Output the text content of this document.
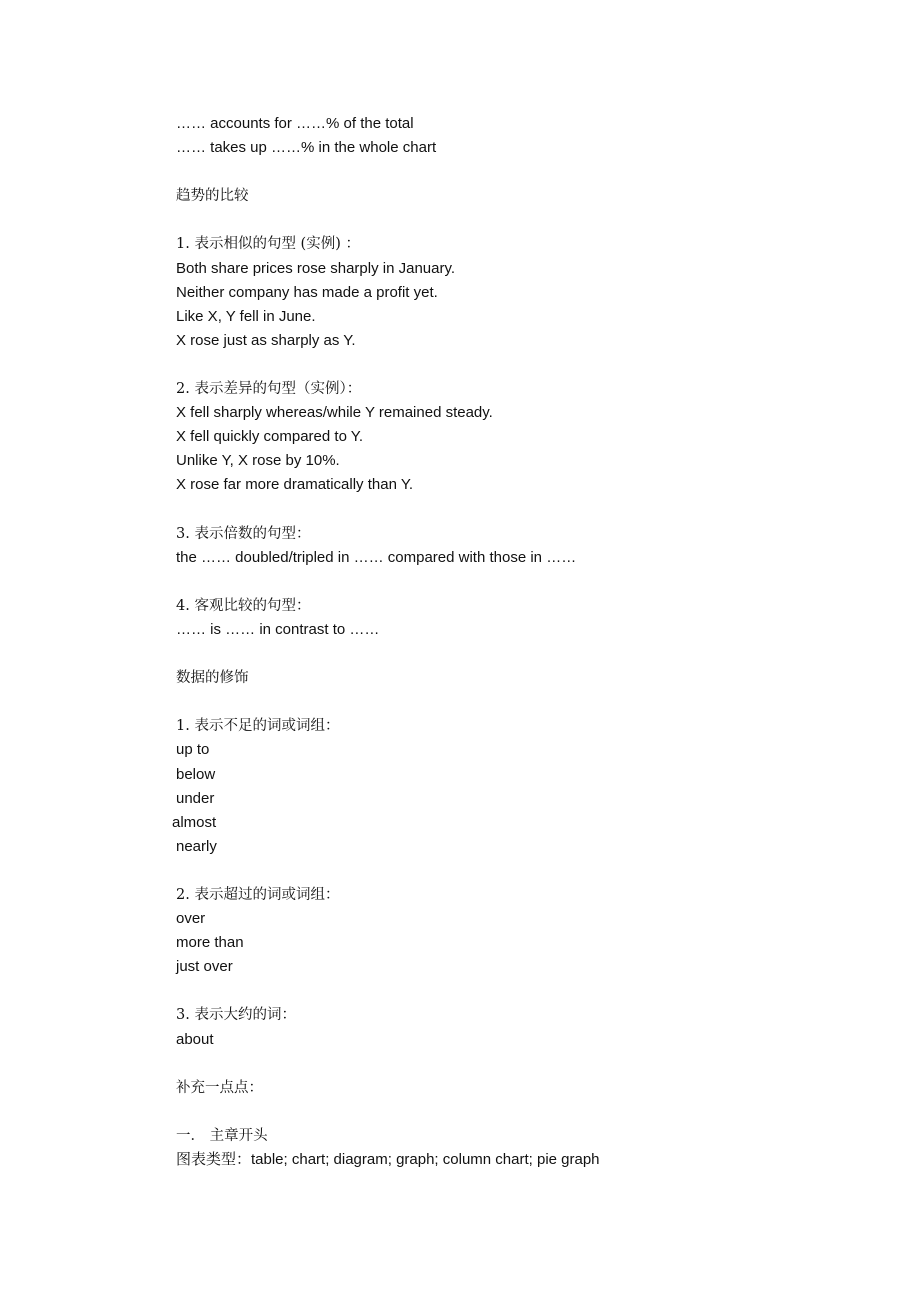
…… accounts for ……% of the total
…… takes up ……% in the whole chart
趋势的比较
1. 表示相似的句型 (实例) ：
Both share prices rose sharply in January.
Neither company has made a profit yet.
Like X, Y fell in June.
X rose just as sharply as Y.
2. 表示差异的句型（实例）：
X fell sharply whereas/while Y remained steady.
X fell quickly compared to Y.
Unlike Y, X rose by 10%.
X rose far more dramatically than Y.
3. 表示倍数的句型：
the …… doubled/tripled in …… compared with those in ……
4. 客观比较的句型：
…… is …… in contrast to ……
数据的修饰
1. 表示不足的词或词组：
up to
below
under
almost
nearly
2. 表示超过的词或词组：
over
more than
just over
3. 表示大约的词：
about
补充一点点：
一． 主章开头
图表类型：table; chart; diagram; graph; column chart; pie graph
